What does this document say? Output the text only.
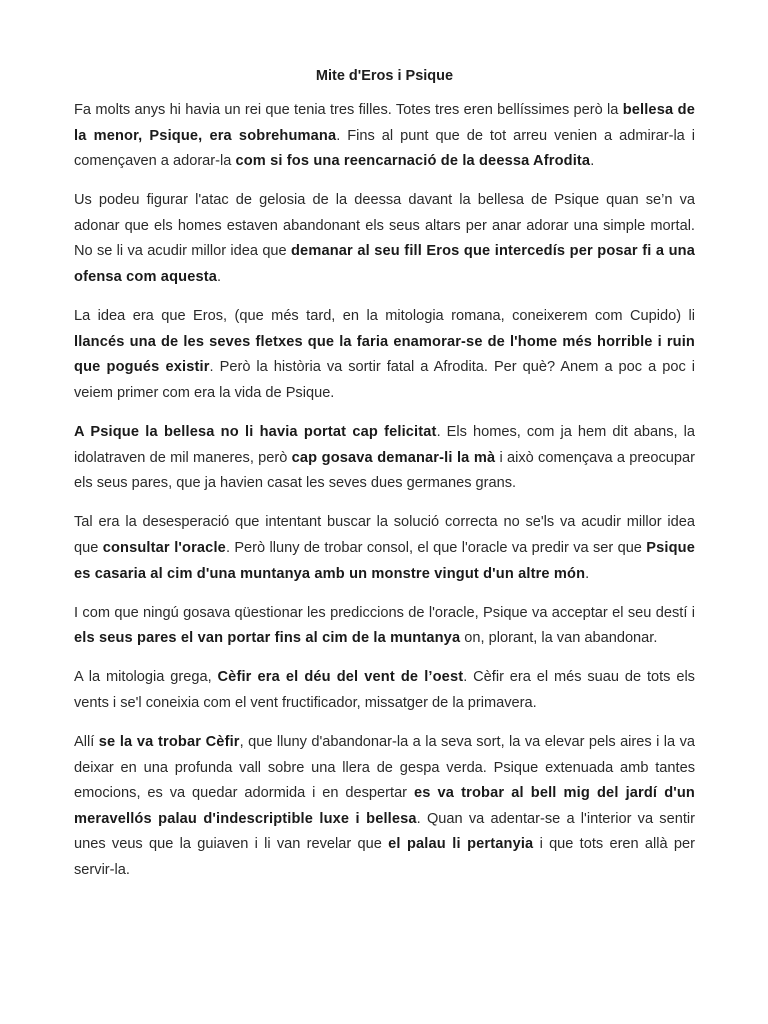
Mite d'Eros i Psique

Fa molts anys hi havia un rei que tenia tres filles. Totes tres eren bellíssimes però la bellesa de la menor, Psique, era sobrehumana. Fins al punt que de tot arreu venien a admirar-la i començaven a adorar-la com si fos una reencarnació de la deessa Afrodita.

Us podeu figurar l'atac de gelosia de la deessa davant la bellesa de Psique quan se’n va adonar que els homes estaven abandonant els seus altars per anar adorar una simple mortal. No se li va acudir millor idea que demanar al seu fill Eros que intercedís per posar fi a una ofensa com aquesta.

La idea era que Eros, (que més tard, en la mitologia romana, coneixerem com Cupido) li llancés una de les seves fletxes que la faria enamorar-se de l'home més horrible i ruin que pogués existir. Però la història va sortir fatal a Afrodita. Per què? Anem a poc a poc i veiem primer com era la vida de Psique.

A Psique la bellesa no li havia portat cap felicitat. Els homes, com ja hem dit abans, la idolatraven de mil maneres, però cap gosava demanar-li la mà i això començava a preocupar els seus pares, que ja havien casat les seves dues germanes grans.

Tal era la desesperació que intentant buscar la solució correcta no se'ls va acudir millor idea que consultar l'oracle. Però lluny de trobar consol, el que l'oracle va predir va ser que Psique es casaria al cim d'una muntanya amb un monstre vingut d'un altre món.

I com que ningú gosava qüestionar les prediccions de l'oracle, Psique va acceptar el seu destí i els seus pares el van portar fins al cim de la muntanya on, plorant, la van abandonar.

A la mitologia grega, Cèfir era el déu del vent de l’oest. Cèfir era el més suau de tots els vents i se'l coneixia com el vent fructificador, missatger de la primavera.

Allí se la va trobar Cèfir, que lluny d'abandonar-la a la seva sort, la va elevar pels aires i la va deixar en una profunda vall sobre una llera de gespa verda. Psique extenuada amb tantes emocions, es va quedar adormida i en despertar es va trobar al bell mig del jardí d'un meravellós palau d'indescriptible luxe i bellesa. Quan va adentar-se a l'interior va sentir unes veus que la guiaven i li van revelar que el palau li pertanyia i que tots eren allà per servir-la.
